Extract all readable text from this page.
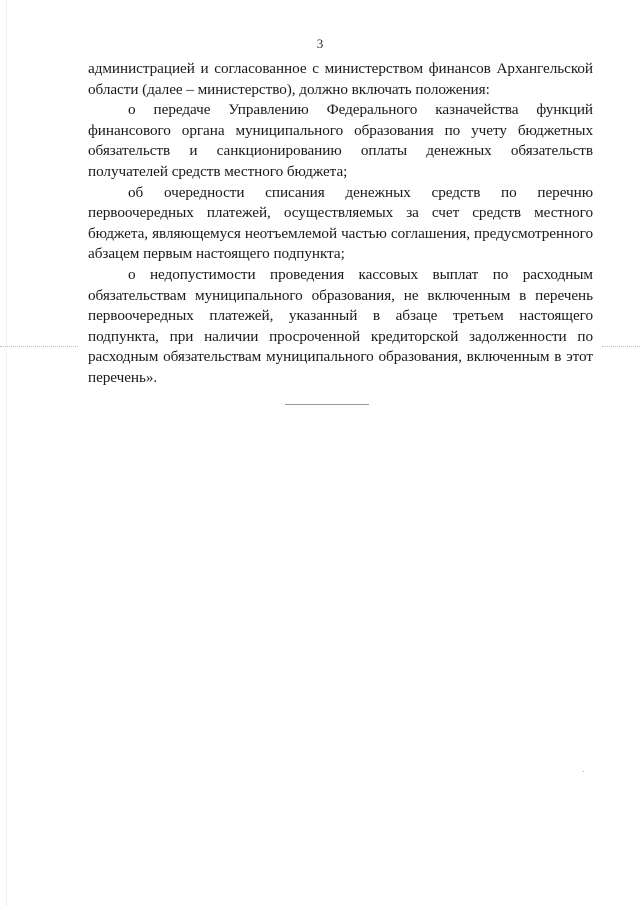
3

администрацией и согласованное с министерством финансов Архангельской области (далее – министерство), должно включать положения:

о передаче Управлению Федерального казначейства функций финансового органа муниципального образования по учету бюджетных обязательств и санкционированию оплаты денежных обязательств получателей средств местного бюджета;

об очередности списания денежных средств по перечню первоочередных платежей, осуществляемых за счет средств местного бюджета, являющемуся неотъемлемой частью соглашения, предусмотренного абзацем первым настоящего подпункта;

о недопустимости проведения кассовых выплат по расходным обязательствам муниципального образования, не включенным в перечень первоочередных платежей, указанный в абзаце третьем настоящего подпункта, при наличии просроченной кредиторской задолженности по расходным обязательствам муниципального образования, включенным в этот перечень».
